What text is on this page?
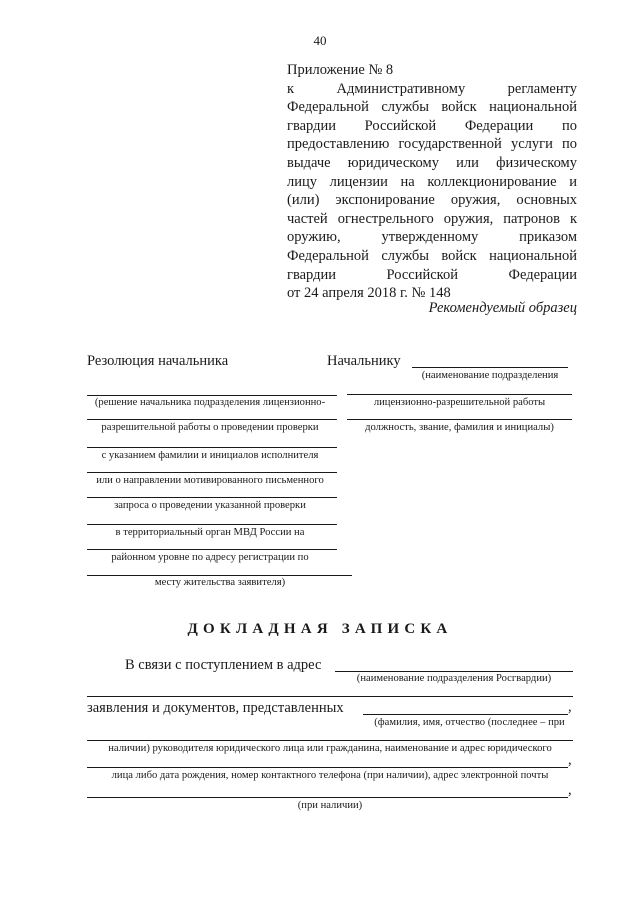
40
Приложение № 8
к Административному регламенту
Федеральной службы войск национальной
гвардии Российской Федерации по
предоставлению государственной услуги по
выдаче юридическому или физическому
лицу лицензии на коллекционирование и
(или) экспонирование оружия, основных
частей огнестрельного оружия, патронов к
оружию, утвержденному приказом
Федеральной службы войск национальной
гвардии Российской Федерации
от 24 апреля 2018 г. № 148
Рекомендуемый образец
Резолюция начальника
(решение начальника подразделения лицензионно-
разрешительной работы о проведении проверки
с указанием фамилии и инициалов исполнителя
или о направлении мотивированного письменного
запроса о проведении указанной проверки
в территориальный орган МВД России на
районном уровне по адресу регистрации по
месту жительства заявителя)
Начальнику
(наименование подразделения
лицензионно-разрешительной работы
должность, звание, фамилия и инициалы)
ДОКЛАДНАЯ ЗАПИСКА
В связи с поступлением в адрес
(наименование подразделения Росгвардии)
заявления и документов, представленных	,
(фамилия, имя, отчество (последнее – при
наличии) руководителя юридического лица или гражданина, наименование и адрес юридического
,
лица либо дата рождения, номер контактного телефона (при наличии), адрес электронной почты
,
(при наличии)
